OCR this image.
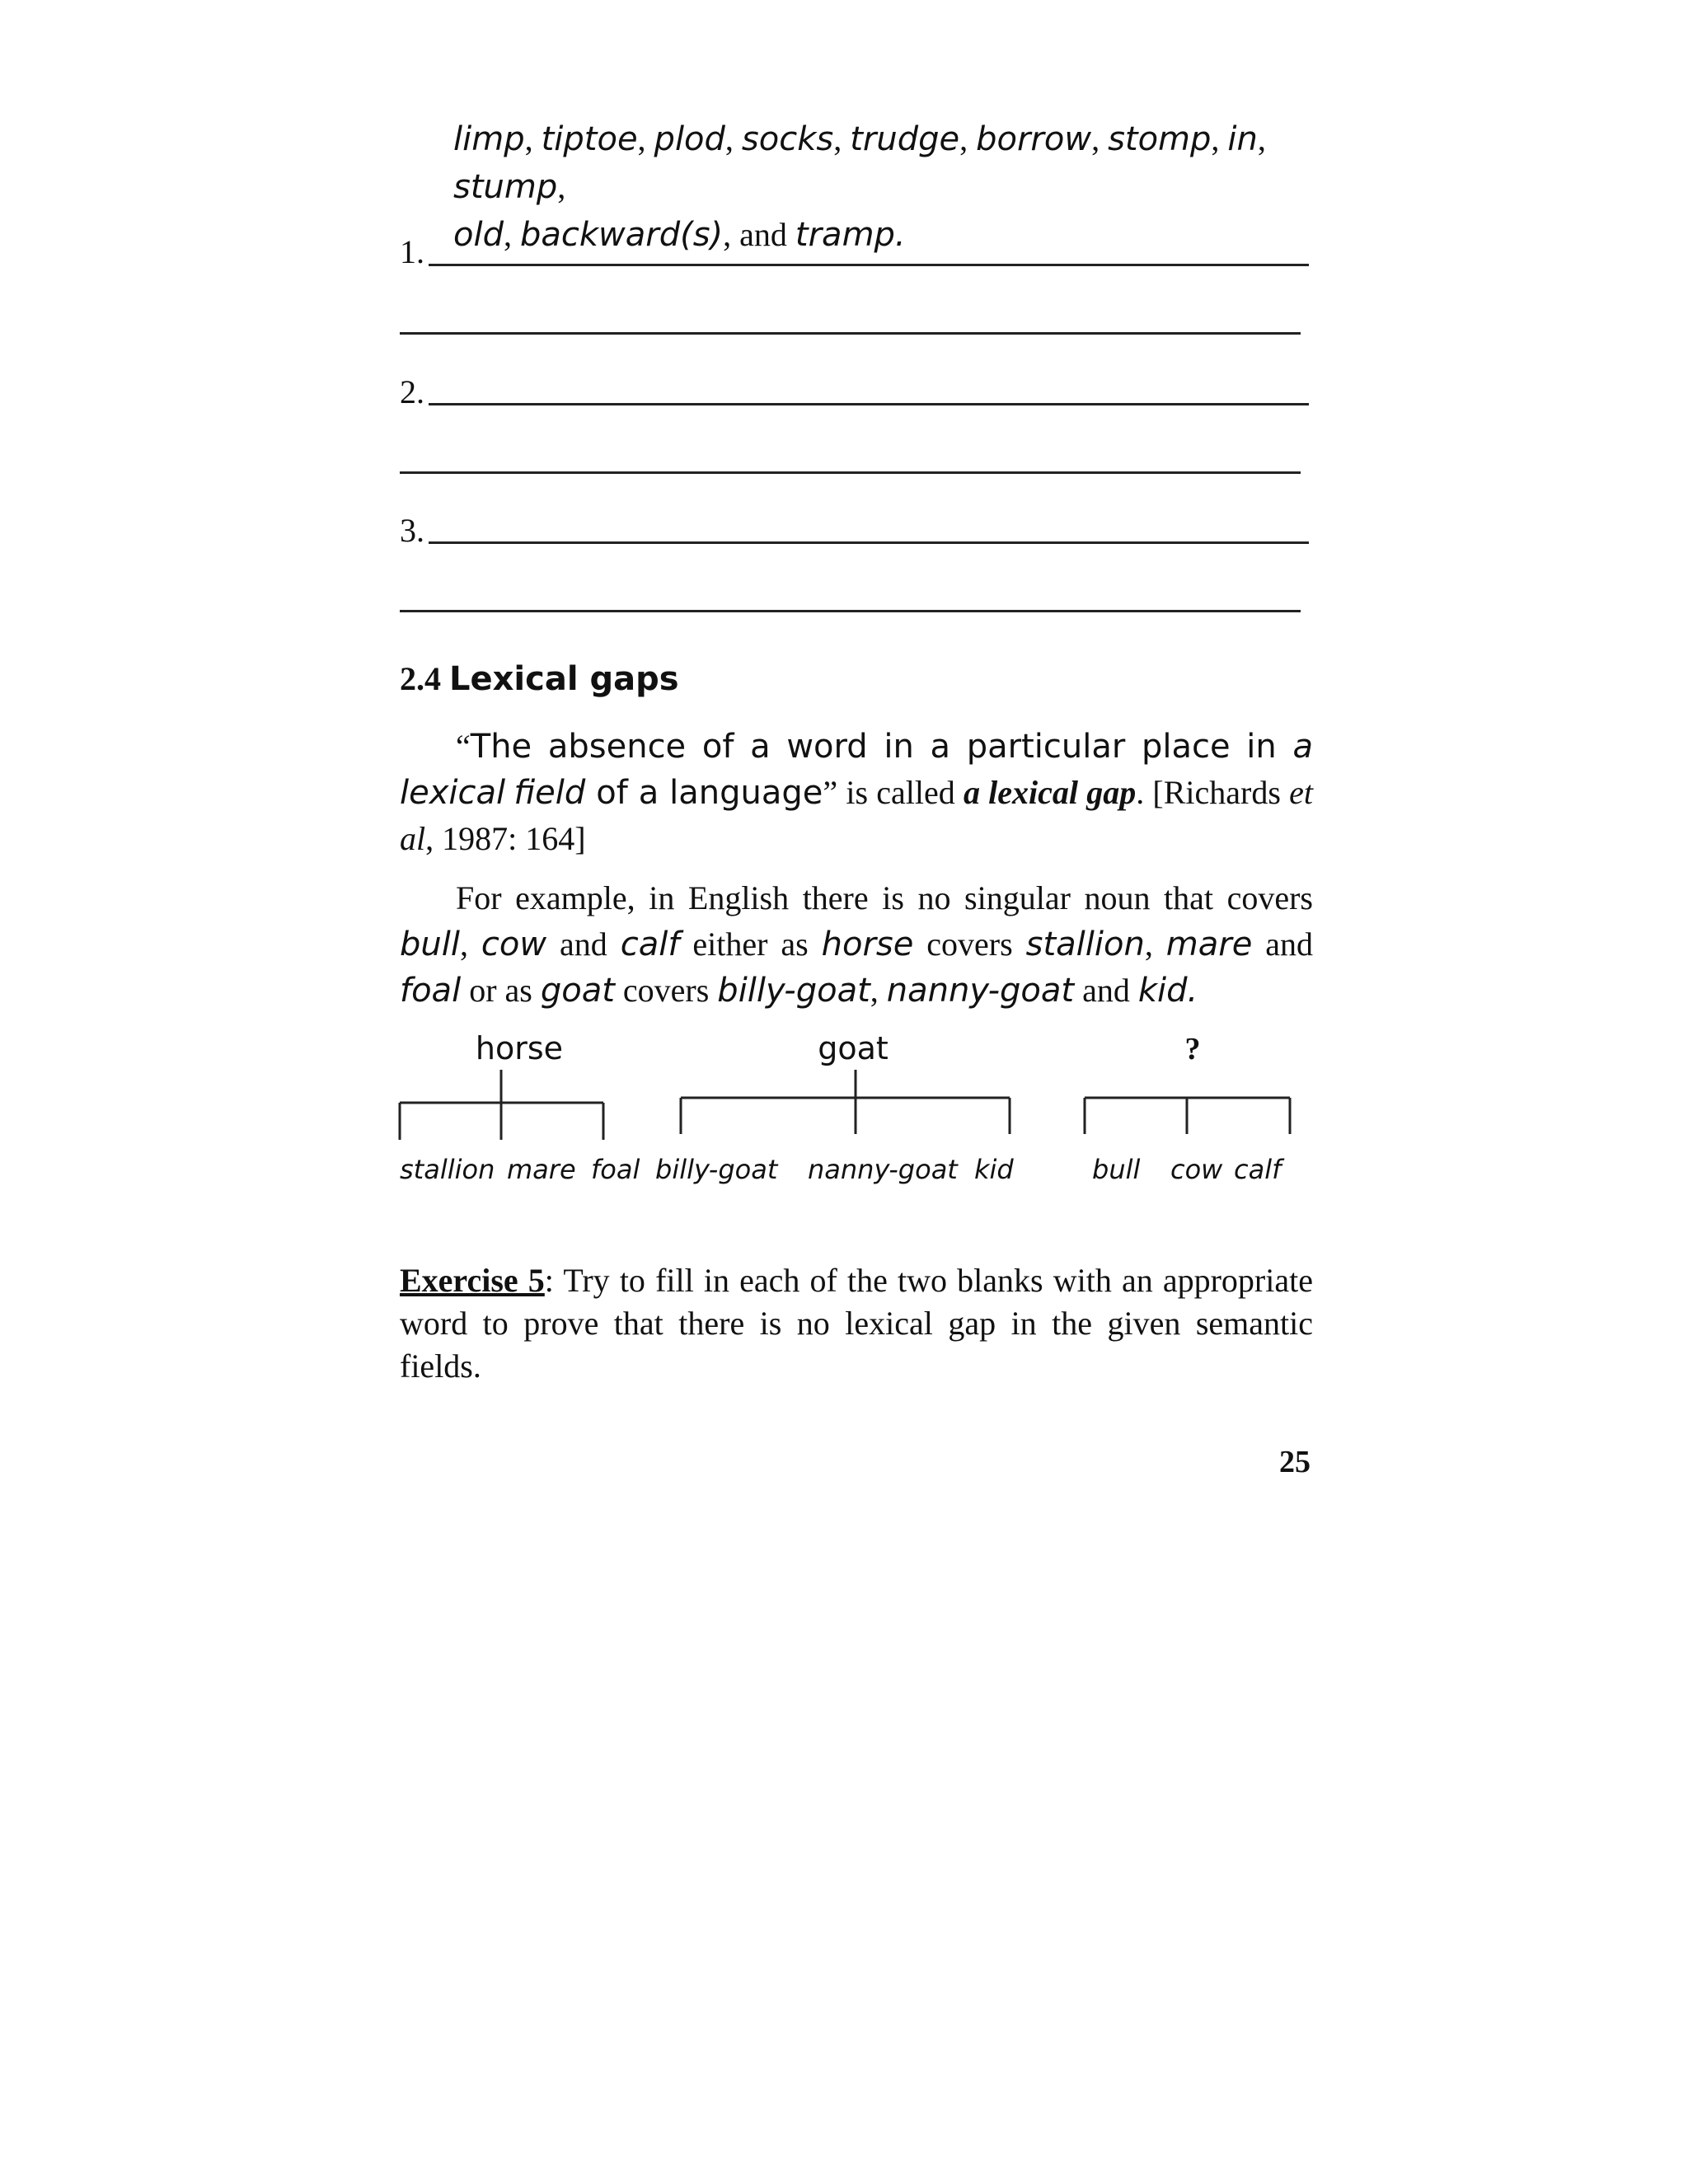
limp, tiptoe, plod, socks, trudge, borrow, stomp, in, stump,
old, backward(s), and tramp.
1.
2.
3.
2.4 Lexical gaps
“The absence of a word in a particular place in a lexical field of a language” is called a lexical gap. [Richards et al, 1987: 164]
For example, in English there is no singular noun that covers bull, cow and calf either as horse covers stallion, mare and foal or as goat covers billy-goat, nanny-goat and kid.
horse	goat	?
stallion mare foal billy-goat nanny-goat kid	bull cow calf
Exercise 5: Try to fill in each of the two blanks with an appropriate word to prove that there is no lexical gap in the given semantic fields.
25
